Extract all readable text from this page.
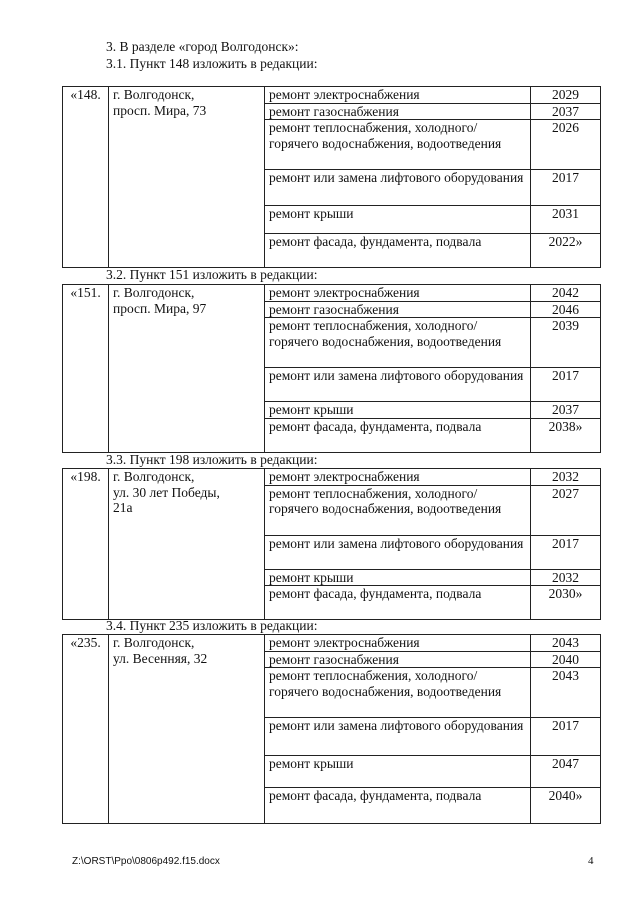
3. В разделе «город Волгодонск»:
3.1. Пункт 148 изложить в редакции:
«148.	г. Волгодонск,
просп. Мира, 73	ремонт электроснабжения	2029
		ремонт газоснабжения	2037
		ремонт теплоснабжения, холодного/горячего водоснабжения, водоотведения	2026
		ремонт или замена лифтового оборудования	2017
		ремонт крыши	2031
		ремонт фасада, фундамента, подвала	2022»
3.2. Пункт 151 изложить в редакции:
«151.	г. Волгодонск,
просп. Мира, 97	ремонт электроснабжения	2042
		ремонт газоснабжения	2046
		ремонт теплоснабжения, холодного/горячего водоснабжения, водоотведения	2039
		ремонт или замена лифтового оборудования	2017
		ремонт крыши	2037
		ремонт фасада, фундамента, подвала	2038»
3.3. Пункт 198 изложить в редакции:
«198.	г. Волгодонск,
ул. 30 лет Победы,
21а	ремонт электроснабжения	2032
		ремонт теплоснабжения, холодного/горячего водоснабжения, водоотведения	2027
		ремонт или замена лифтового оборудования	2017
		ремонт крыши	2032
		ремонт фасада, фундамента, подвала	2030»
3.4. Пункт 235 изложить в редакции:
«235.	г. Волгодонск,
ул. Весенняя, 32	ремонт электроснабжения	2043
		ремонт газоснабжения	2040
		ремонт теплоснабжения, холодного/горячего водоснабжения, водоотведения	2043
		ремонт или замена лифтового оборудования	2017
		ремонт крыши	2047
		ремонт фасада, фундамента, подвала	2040»
Z:\ORST\Ppo\0806p492.f15.docx	4
